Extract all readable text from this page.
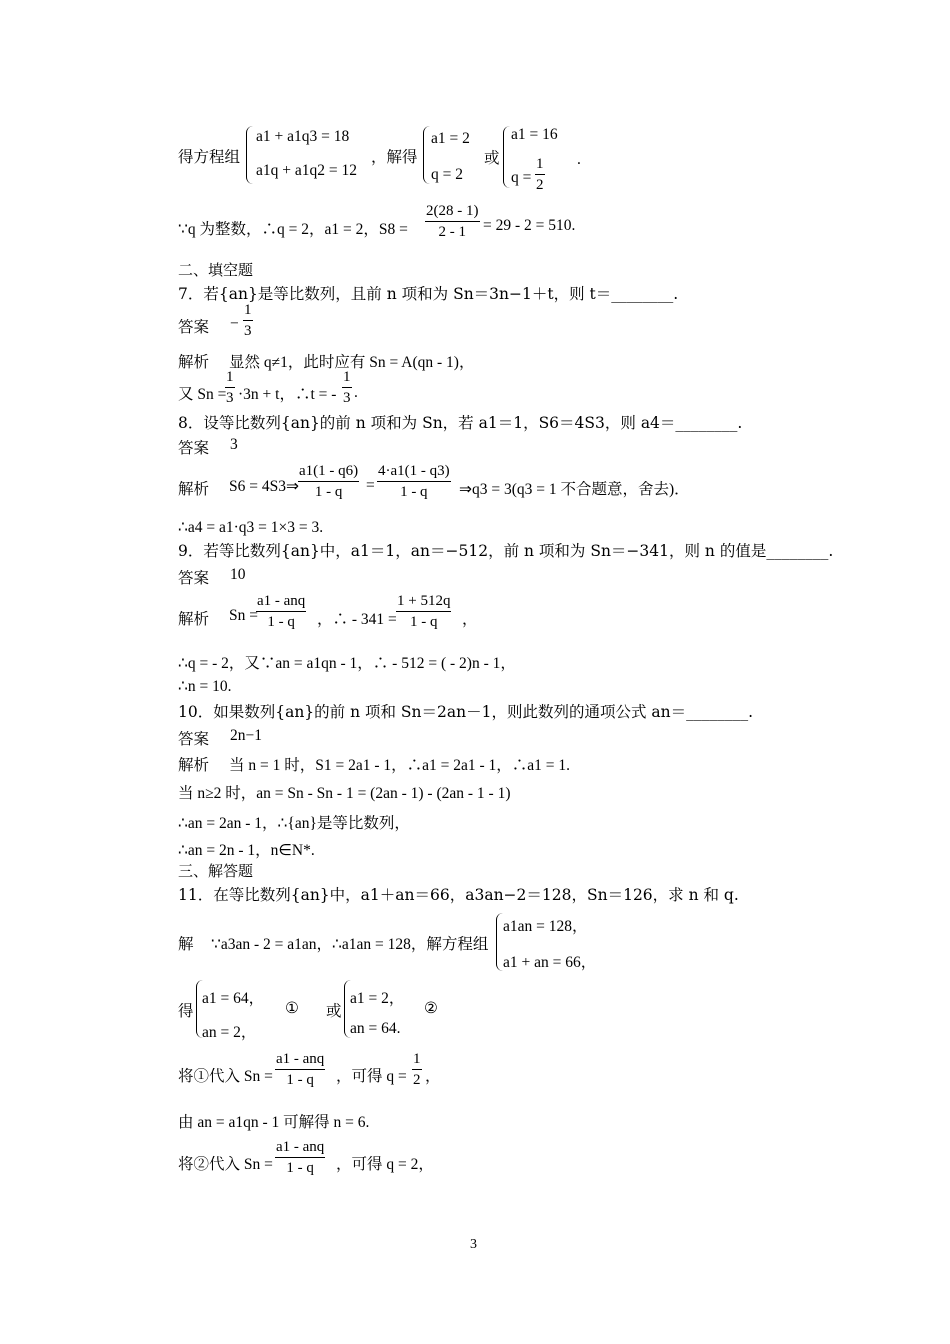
得方程组
a1 + a1q3 = 18
a1q + a1q2 = 12
，解得
a1 = 2
q = 2
或
a1 = 16
$q = \frac{1}{2}$ .
∵q 为整数，∴q = 2，a1 = 2，$S8 = \frac{2(28 - 1)}{2 - 1} = 29 - 2 = 510$.
二、填空题
7．若{an}是等比数列，且前 n 项和为 Sn＝3n−1＋t，则 t＝________.
答案 − $\frac{1}{3}$
解析 显然 q≠1，此时应有 Sn = A(qn - 1)，
又 Sn =
$\frac{1}{3} \cdot 3n + t$，∴t = - $\frac{1}{3}$ .
8．设等比数列{an}的前 n 项和为 Sn，若 a1＝1，S6＝4S3，则 a4＝________.
答案 3
解析 S6 = 4S3⇒ $\frac{a1(1 - q6)}{1 - q} = \frac{4\cdot a1(1 - q3)}{1 - q}$ ⇒q3 = 3(q3 = 1 不合题意，舍去)．
∴a4 = a1·q3 = 1×3 = 3.
9．若等比数列{an}中，a1＝1，an＝−512，前 n 项和为 Sn＝−341，则 n 的值是________.
答案 10
解析 Sn =
a1 - anq
1 - q	，∴ - $341 = \frac{1 + 512q}{1 - q}$ ，
∴q = - 2，又∵an = a1qn - 1，∴ - 512 = ( - 2)n - 1，
∴n = 10.
10．如果数列{an}的前 n 项和 Sn＝2an－1，则此数列的通项公式 an＝________.
答案 2n−1
解析 当 n = 1 时，S1 = 2a1 - 1，∴a1 = 2a1 - 1，∴a1 = 1.
当 n≥2 时，an = Sn - Sn - 1 = (2an - 1) - (2an - 1 - 1)
∴an = 2an - 1，∴{an}是等比数列，
∴an = 2n - 1，n∈N*.
三、解答题
11．在等比数列{an}中，a1＋an＝66，a3an−2＝128，Sn＝126，求 n 和 q.
解 ∵a3an - 2 = a1an，∴a1an = 128，解方程组
a1an = 128，
a1 + an = 66，
得
a1 = 64，
an = 2，
① 或
a1 = 2，
an = 64.
②
将①代入 Sn =
a1 - anq
1 - q	，可得 $q = \frac{1}{2}$ ，
由 an = a1qn - 1 可解得 n = 6.
将②代入 Sn =
a1 - anq
1 - q	，可得 q = 2，
3
